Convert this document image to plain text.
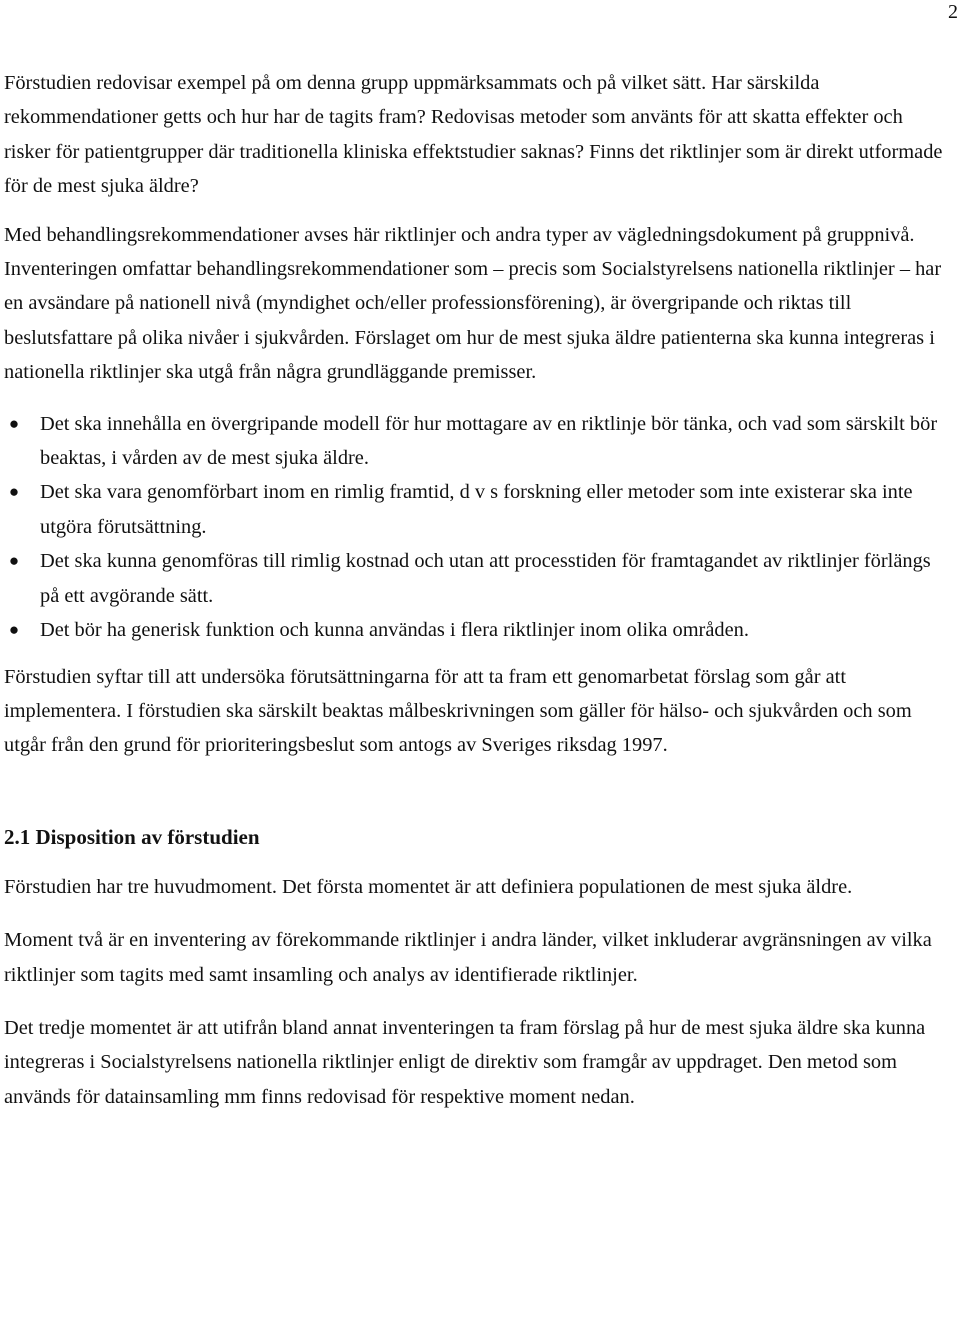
2

Förstudien redovisar exempel på om denna grupp uppmärksammats och på vilket sätt. Har särskilda rekommendationer getts och hur har de tagits fram? Redovisas metoder som använts för att skatta effekter och risker för patientgrupper där traditionella kliniska effektstudier saknas? Finns det riktlinjer som är direkt utformade för de mest sjuka äldre?

Med behandlingsrekommendationer avses här riktlinjer och andra typer av vägledningsdokument på gruppnivå. Inventeringen omfattar behandlingsrekommendationer som – precis som Socialstyrelsens nationella riktlinjer – har en avsändare på nationell nivå (myndighet och/eller professionsförening), är övergripande och riktas till beslutsfattare på olika nivåer i sjukvården. Förslaget om hur de mest sjuka äldre patienterna ska kunna integreras i nationella riktlinjer ska utgå från några grundläggande premisser.

● Det ska innehålla en övergripande modell för hur mottagare av en riktlinje bör tänka, och vad som särskilt bör beaktas, i vården av de mest sjuka äldre.
● Det ska vara genomförbart inom en rimlig framtid, d v s forskning eller metoder som inte existerar ska inte utgöra förutsättning.
● Det ska kunna genomföras till rimlig kostnad och utan att processtiden för framtagandet av riktlinjer förlängs på ett avgörande sätt.
● Det bör ha generisk funktion och kunna användas i flera riktlinjer inom olika områden.

Förstudien syftar till att undersöka förutsättningarna för att ta fram ett genomarbetat förslag som går att implementera. I förstudien ska särskilt beaktas målbeskrivningen som gäller för hälso- och sjukvården och som utgår från den grund för prioriteringsbeslut som antogs av Sveriges riksdag 1997.

2.1 Disposition av förstudien

Förstudien har tre huvudmoment. Det första momentet är att definiera populationen de mest sjuka äldre.

Moment två är en inventering av förekommande riktlinjer i andra länder, vilket inkluderar avgränsningen av vilka riktlinjer som tagits med samt insamling och analys av identifierade riktlinjer.

Det tredje momentet är att utifrån bland annat inventeringen ta fram förslag på hur de mest sjuka äldre ska kunna integreras i Socialstyrelsens nationella riktlinjer enligt de direktiv som framgår av uppdraget. Den metod som används för datainsamling mm finns redovisad för respektive moment nedan.
